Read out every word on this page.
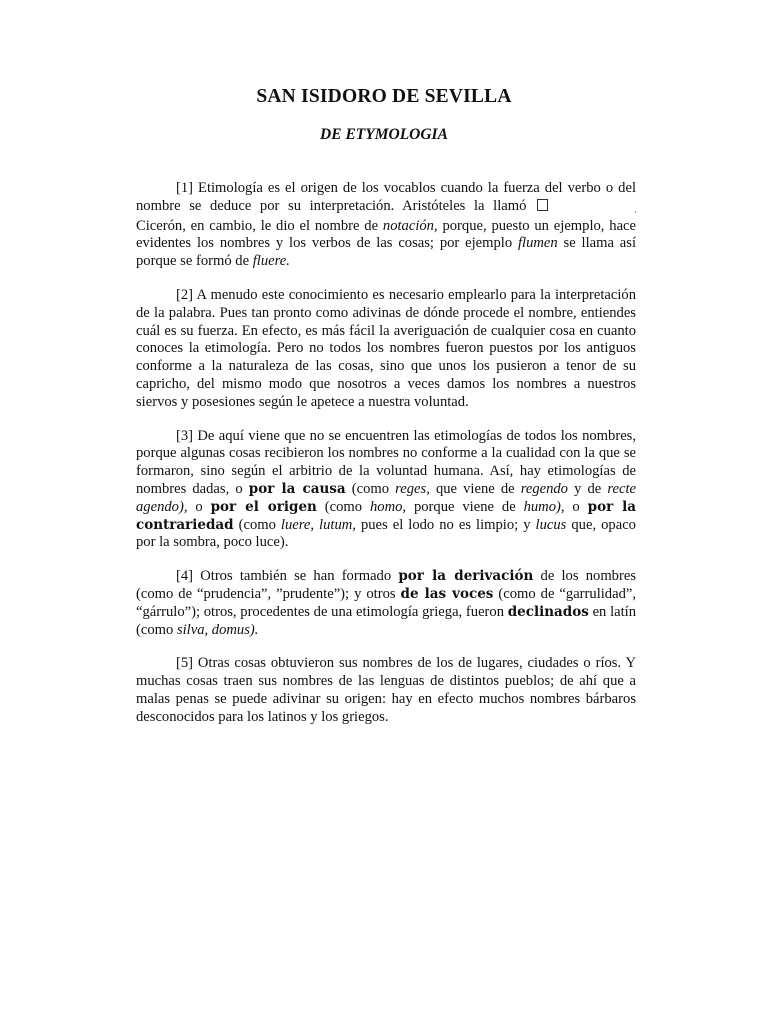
SAN ISIDORO DE SEVILLA
DE ETYMOLOGIA

[1] Etimología es el origen de los vocablos cuando la fuerza del verbo o del nombre se deduce por su interpretación. Aristóteles la llamó  Cicerón, en cambio, le dio el nombre de notación, porque, puesto un ejemplo, hace evidentes los nombres y los verbos de las cosas; por ejemplo flumen se llama así porque se formó de fluere.

[2] A menudo este conocimiento es necesario emplearlo para la interpretación de la palabra. Pues tan pronto como adivinas de dónde procede el nombre, entiendes cuál es su fuerza. En efecto, es más fácil la averiguación de cualquier cosa en cuanto conoces la etimología. Pero no todos los nombres fueron puestos por los antiguos conforme a la naturaleza de las cosas, sino que unos los pusieron a tenor de su capricho, del mismo modo que nosotros a veces damos los nombres a nuestros siervos y posesiones según le apetece a nuestra voluntad.

[3] De aquí viene que no se encuentren las etimologías de todos los nombres, porque algunas cosas recibieron los nombres no conforme a la cualidad con la que se formaron, sino según el arbitrio de la voluntad humana. Así, hay etimologías de nombres dadas, o por la causa (como reges, que viene de regendo y de recte agendo), o por el origen (como homo, porque viene de humo), o por la contrariedad (como luere, lutum, pues el lodo no es limpio; y lucus que, opaco por la sombra, poco luce).

[4] Otros también se han formado por la derivación de los nombres (como de “prudencia”, ”prudente”); y otros de las voces (como de “garrulidad”, “gárrulo”); otros, procedentes de una etimología griega, fueron declinados en latín (como silva, domus).

[5] Otras cosas obtuvieron sus nombres de los de lugares, ciudades o ríos. Y muchas cosas traen sus nombres de las lenguas de distintos pueblos; de ahí que a malas penas se puede adivinar su origen: hay en efecto muchos nombres bárbaros desconocidos para los latinos y los griegos.
